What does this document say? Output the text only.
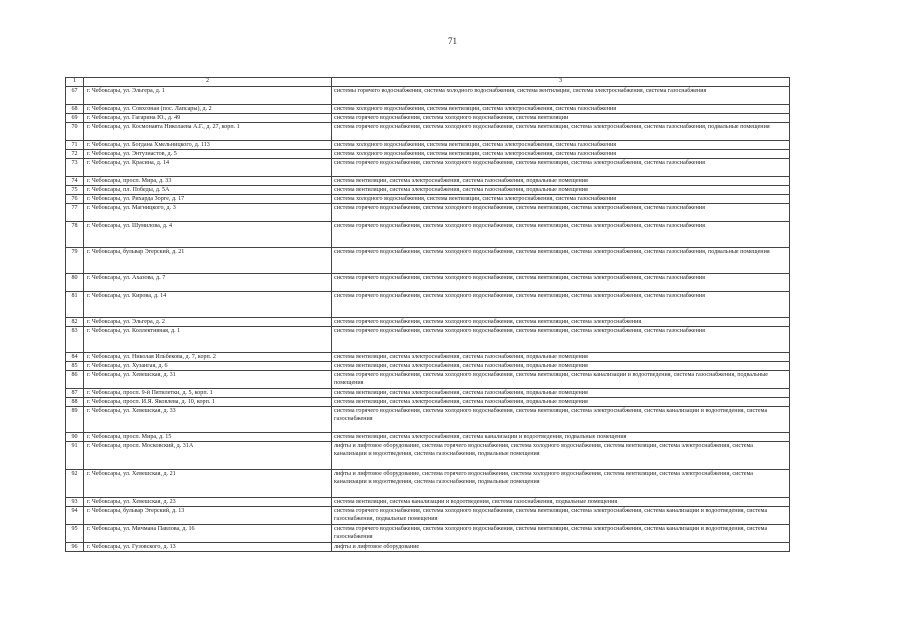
71
1	2	3
67	г. Чебоксары, ул. Эльгера, д. 1	системы горячего водоснабжения, система холодного водоснабжения, система вентиляции, система электроснабжения, система газоснабжения
68	г. Чебоксары, ул. Совхозная (пос. Лапсары), д. 2	система холодного водоснабжения, система вентиляции, система электроснабжения, система газоснабжения
69	г. Чебоксары, ул. Гагарина Ю., д. 49	система горячего водоснабжения, система холодного водоснабжения, система вентиляции
70	г. Чебоксары, ул. Космонавта Николаева А.Г., д. 27, корп. 1	система горячего водоснабжения, система холодного водоснабжения, система вентиляции, система электроснабжения, система газоснабжения, подвальные помещения
71	г. Чебоксары, ул. Богдана Хмельницкого, д. 113	система холодного водоснабжения, система вентиляции, система электроснабжения, система газоснабжения
72	г. Чебоксары, ул. Энтузиастов, д. 5	система холодного водоснабжения, система вентиляции, система электроснабжения, система газоснабжения
73	г. Чебоксары, ул. Красина, д. 14	система горячего водоснабжения, система холодного водоснабжения, система вентиляции, система электроснабжения, система газоснабжения
74	г. Чебоксары, просп. Мира, д. 33	система вентиляции, система электроснабжения, система газоснабжения, подвальные помещения
75	г. Чебоксары, пл. Победы, д. 5А	система вентиляции, система электроснабжения, система газоснабжения, подвальные помещения
76	г. Чебоксары, ул. Рихарда Зорге, д. 17	система холодного водоснабжения, система вентиляции, система электроснабжения, система газоснабжения
77	г. Чебоксары, ул. Магницкого, д. 3	система горячего водоснабжения, система холодного водоснабжения, система вентиляции, система электроснабжения, система газоснабжения
78	г. Чебоксары, ул. Шумилова, д. 4	система горячего водоснабжения, система холодного водоснабжения, система вентиляции, система электроснабжения, система газоснабжения
79	г. Чебоксары, бульвар Эгерский, д. 21	система горячего водоснабжения, система холодного водоснабжения, система вентиляции, система электроснабжения, система газоснабжения, подвальные помещения
80	г. Чебоксары, ул. Ахазова, д. 7	система горячего водоснабжения, система холодного водоснабжения, система вентиляции, система электроснабжения, система газоснабжения
81	г. Чебоксары, ул. Кирова, д. 14	система горячего водоснабжения, система холодного водоснабжения, система вентиляции, система электроснабжения, система газоснабжения
82	г. Чебоксары, ул. Эльгера, д. 2	система горячего водоснабжения, система холодного водоснабжения, система вентиляции, система электроснабжения
83	г. Чебоксары, ул. Коллективная, д. 1	система горячего водоснабжения, система холодного водоснабжения, система вентиляции, система электроснабжения, система газоснабжения
84	г. Чебоксары, ул. Николая Ильбекова, д. 7, корп. 2	система вентиляции, система электроснабжения, система газоснабжения, подвальные помещения
85	г. Чебоксары, ул. Хузангая, д. 6	система вентиляции, система электроснабжения, система газоснабжения, подвальные помещения
86	г. Чебоксары, ул. Хевешская, д. 31	система горячего водоснабжения, система холодного водоснабжения, система вентиляции, система канализации и водоотведения, система газоснабжения, подвальные помещения
87	г. Чебоксары, просп. 9-й Пятилетки, д. 5, корп. 1	система вентиляции, система электроснабжения, система газоснабжения, подвальные помещения
88	г. Чебоксары, просп. И.Я. Яковлева, д. 10, корп. 1	система вентиляции, система электроснабжения, система газоснабжения, подвальные помещения
89	г. Чебоксары, ул. Хевешская, д. 33	система горячего водоснабжения, система холодного водоснабжения, система вентиляции, система электроснабжения, система канализации и водоотведения, система газоснабжения
90	г. Чебоксары, просп. Мира, д. 15	система вентиляции, система электроснабжения, система канализации и водоотведения, подвальные помещения
91	г. Чебоксары, просп. Московский, д. 31А	лифты и лифтовое оборудование, система горячего водоснабжения, система холодного водоснабжения, система вентиляции, система электроснабжения, система канализации и водоотведения, система газоснабжения, подвальные помещения
92	г. Чебоксары, ул. Хевешская, д. 21	лифты и лифтовое оборудование, система горячего водоснабжения, система холодного водоснабжения, система вентиляции, система электроснабжения, система канализации и водоотведения, система газоснабжения, подвальные помещения
93	г. Чебоксары, ул. Хевешская, д. 23	система вентиляции, система канализации и водоотведения, система газоснабжения, подвальные помещения
94	г. Чебоксары, бульвар Эгерский, д. 13	система горячего водоснабжения, система холодного водоснабжения, система вентиляции, система электроснабжения, система канализации и водоотведения, система газоснабжения, подвальные помещения
95	г. Чебоксары, ул. Мичмана Павлова, д. 16	система горячего водоснабжения, система холодного водоснабжения, система вентиляции, система электроснабжения, система канализации и водоотведения, система газоснабжения
96	г. Чебоксары, ул. Гузовского, д. 13	лифты и лифтовое оборудование
